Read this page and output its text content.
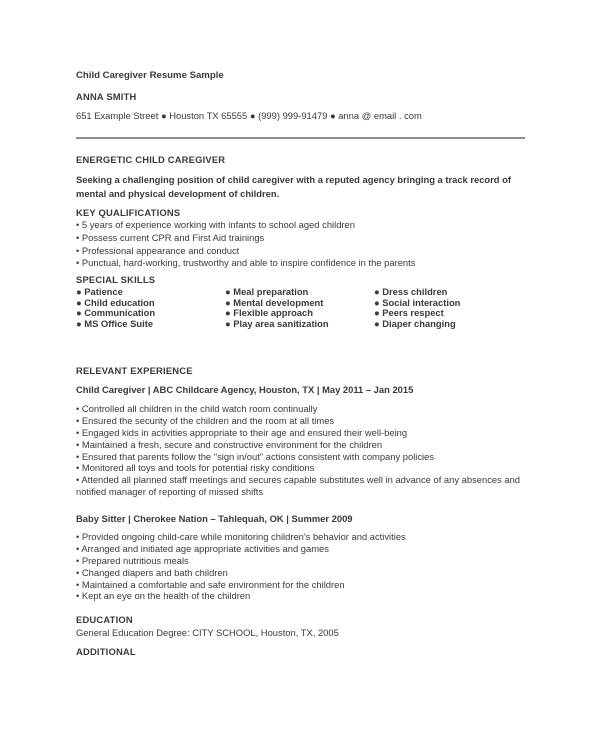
Child Caregiver Resume Sample
ANNA SMITH
651 Example Street ● Houston TX 65555 ● (999) 999-91479 ● anna @ email . com
ENERGETIC CHILD CAREGIVER
Seeking a challenging position of child caregiver with a reputed agency bringing a track record of mental and physical development of children.
KEY QUALIFICATIONS
• 5 years of experience working with infants to school aged children
• Possess current CPR and First Aid trainings
• Professional appearance and conduct
• Punctual, hard-working, trustworthy and able to inspire confidence in the parents
SPECIAL SKILLS
● Patience
● Child education
● Communication
● MS Office Suite
● Meal preparation
● Mental development
● Flexible approach
● Play area sanitization
● Dress children
● Social interaction
● Peers respect
● Diaper changing
RELEVANT EXPERIENCE
Child Caregiver | ABC Childcare Agency, Houston, TX | May 2011 – Jan 2015
• Controlled all children in the child watch room continually
• Ensured the security of the children and the room at all times
• Engaged kids in activities appropriate to their age and ensured their well-being
• Maintained a fresh, secure and constructive environment for the children
• Ensured that parents follow the "sign in/out" actions consistent with company policies
• Monitored all toys and tools for potential risky conditions
• Attended all planned staff meetings and secures capable substitutes well in advance of any absences and
notified manager of reporting of missed shifts
Baby Sitter | Cherokee Nation – Tahlequah, OK | Summer 2009
• Provided ongoing child-care while monitoring children's behavior and activities
• Arranged and initiated age appropriate activities and games
• Prepared nutritious meals
• Changed diapers and bath children
• Maintained a comfortable and safe environment for the children
• Kept an eye on the health of the children
EDUCATION
General Education Degree: CITY SCHOOL, Houston, TX, 2005
ADDITIONAL
